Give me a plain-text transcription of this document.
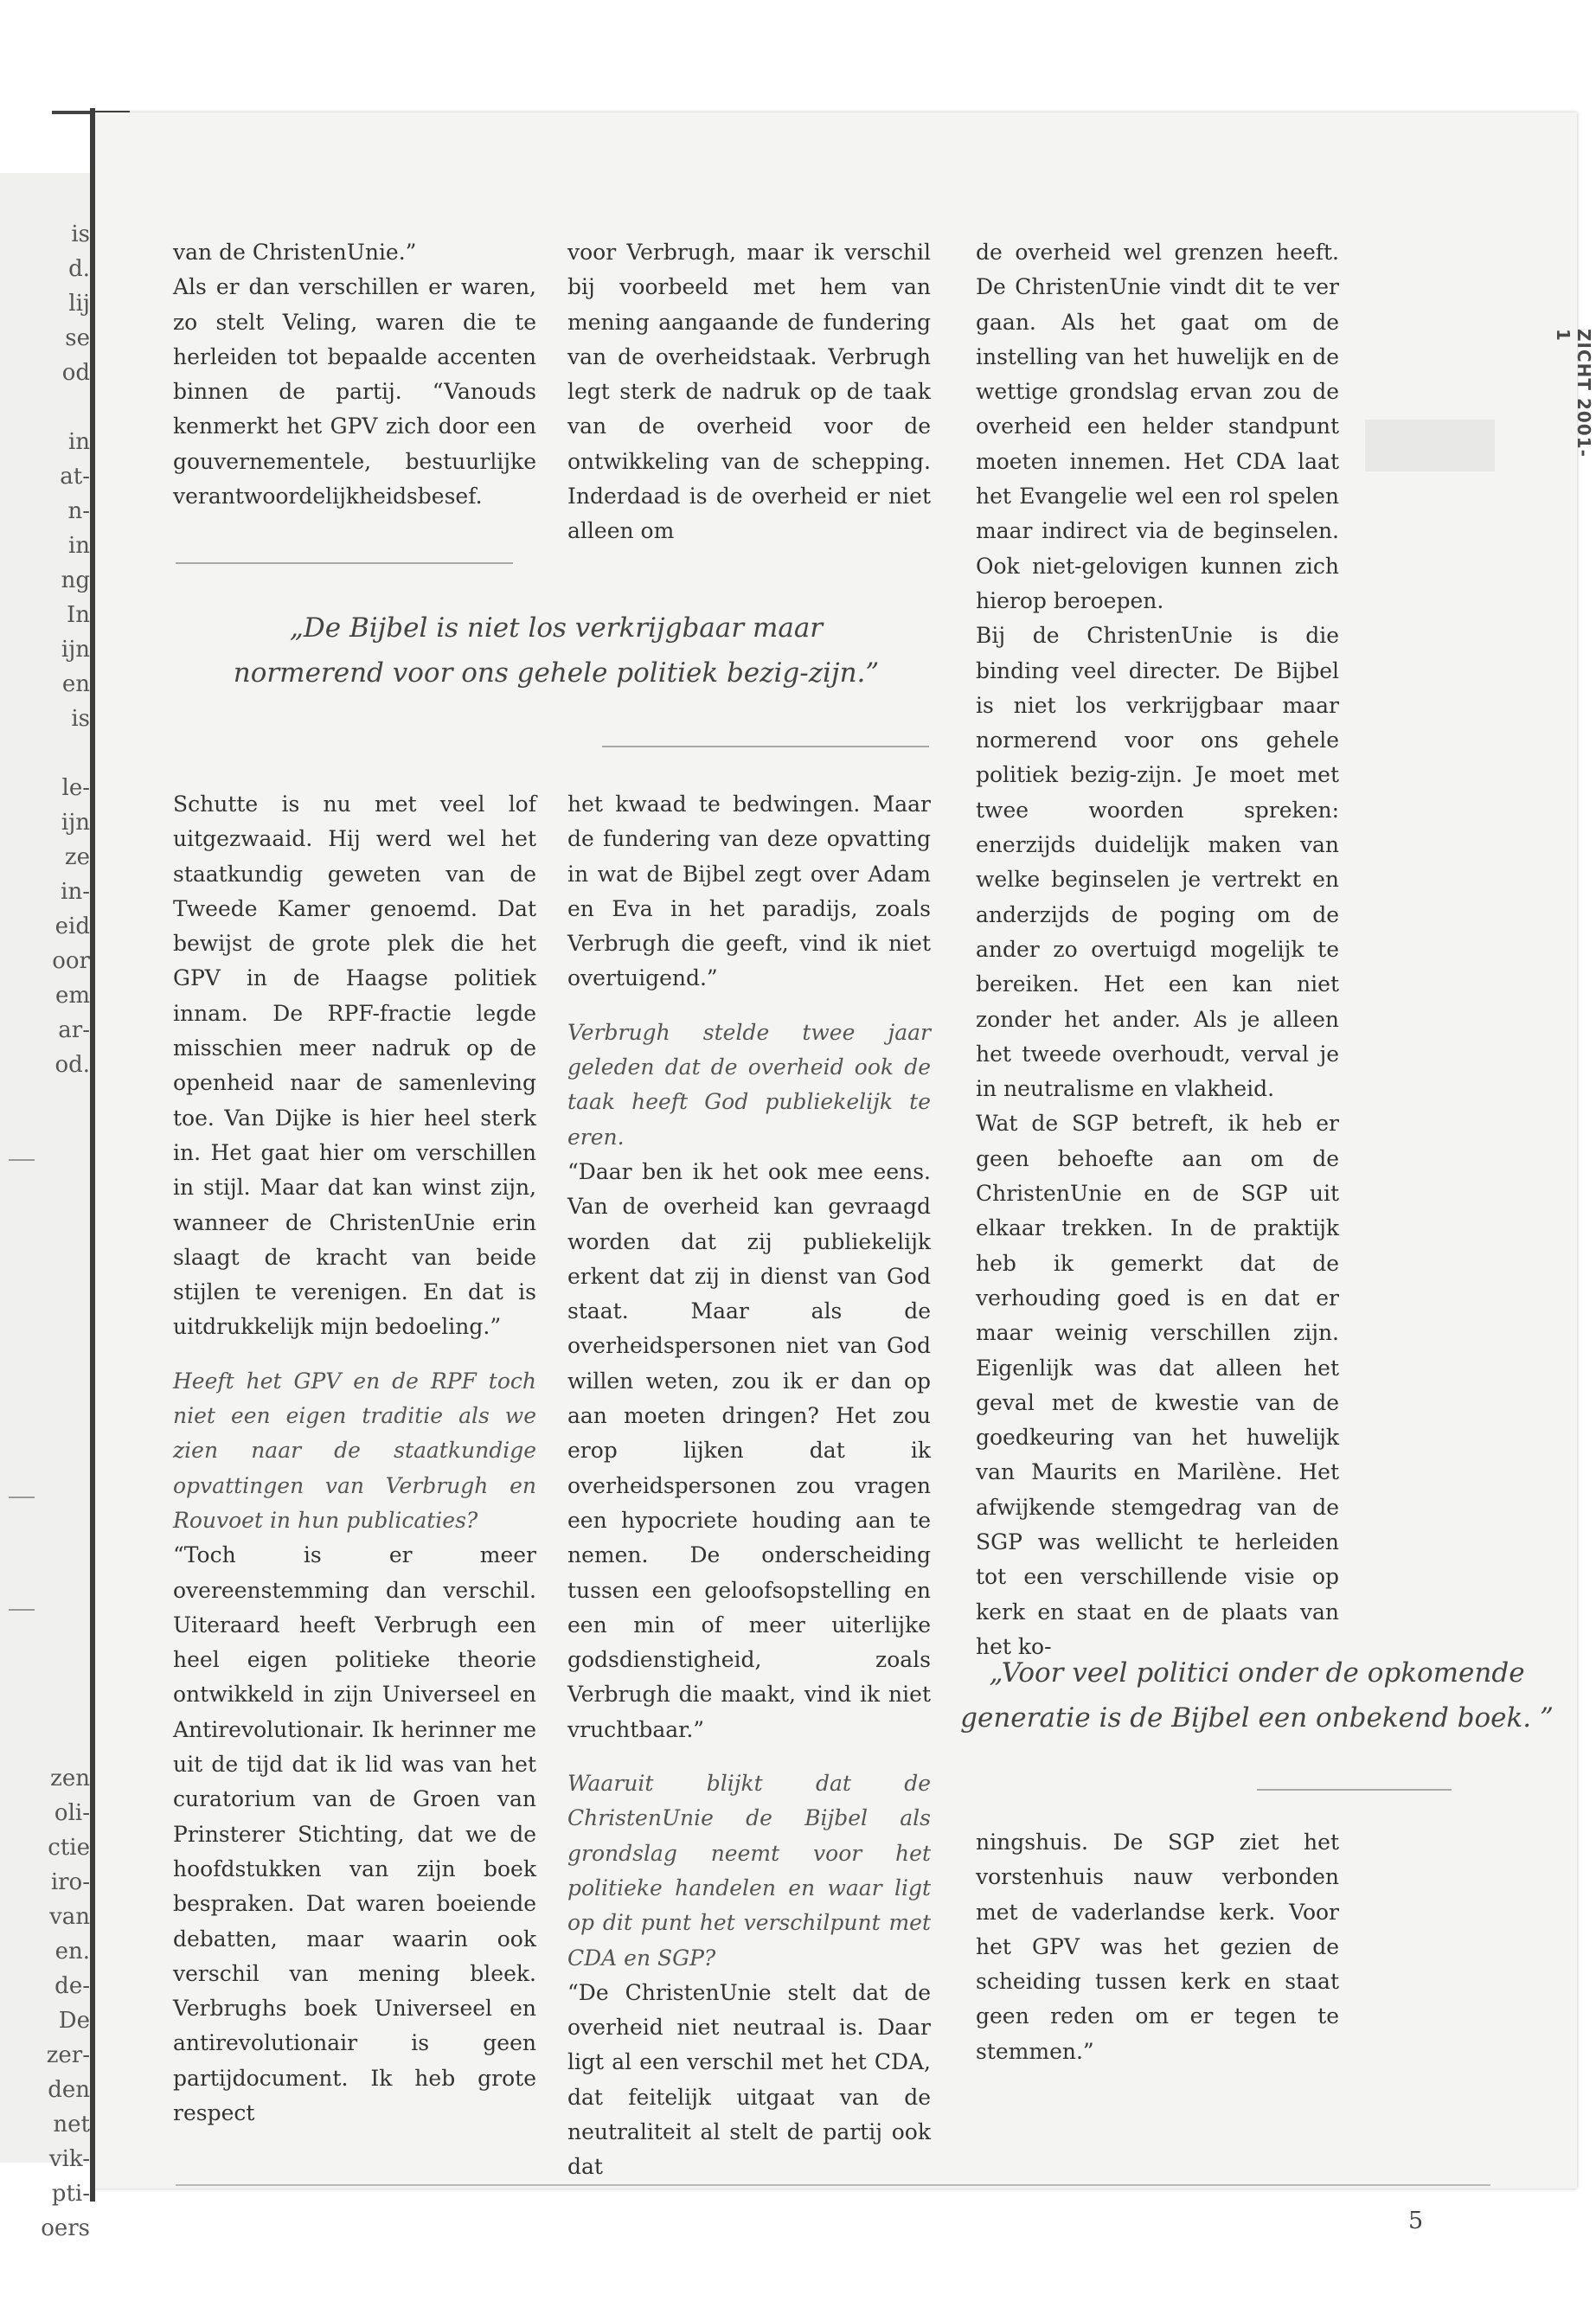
is
d.
lij
se
od
in
at-
n-
in
ng
In
ijn
en
is
le-
ijn
ze
in-
eid
oor
em
ar-
od.
zen
oli-
ctie
iro-
van
en.
de-
De
zer-
den
net
vik-
pti-
oers

van de ChristenUnie.”

Als er dan verschillen er waren, zo stelt Veling, waren die te herleiden tot bepaalde accenten binnen de partij. “Vanouds kenmerkt het GPV zich door een gouvernementele, bestuurlijke verantwoordelijkheidsbesef.

voor Verbrugh, maar ik verschil bij voorbeeld met hem van mening aangaande de fundering van de overheidstaak. Verbrugh legt sterk de nadruk op de taak van de overheid voor de ontwikkeling van de schepping. Inderdaad is de overheid er niet alleen om

„De Bijbel is niet los verkrijgbaar maar normerend voor ons gehele politiek bezig-zijn.”

Schutte is nu met veel lof uitgezwaaid. Hij werd wel het staatkundig geweten van de Tweede Kamer genoemd. Dat bewijst de grote plek die het GPV in de Haagse politiek innam. De RPF-fractie legde misschien meer nadruk op de openheid naar de samenleving toe. Van Dijke is hier heel sterk in. Het gaat hier om verschillen in stijl. Maar dat kan winst zijn, wanneer de ChristenUnie erin slaagt de kracht van beide stijlen te verenigen. En dat is uitdrukkelijk mijn bedoeling.”

Heeft het GPV en de RPF toch niet een eigen traditie als we zien naar de staatkundige opvattingen van Verbrugh en Rouvoet in hun publicaties?

“Toch is er meer overeenstemming dan verschil. Uiteraard heeft Verbrugh een heel eigen politieke theorie ontwikkeld in zijn Universeel en Antirevolutionair. Ik herinner me uit de tijd dat ik lid was van het curatorium van de Groen van Prinsterer Stichting, dat we de hoofdstukken van zijn boek bespraken. Dat waren boeiende debatten, maar waarin ook verschil van mening bleek. Verbrughs boek Universeel en antirevolutionair is geen partijdocument. Ik heb grote respect

het kwaad te bedwingen. Maar de fundering van deze opvatting in wat de Bijbel zegt over Adam en Eva in het paradijs, zoals Verbrugh die geeft, vind ik niet overtuigend.”

Verbrugh stelde twee jaar geleden dat de overheid ook de taak heeft God publiekelijk te eren.

“Daar ben ik het ook mee eens. Van de overheid kan gevraagd worden dat zij publiekelijk erkent dat zij in dienst van God staat. Maar als de overheidspersonen niet van God willen weten, zou ik er dan op aan moeten dringen? Het zou erop lijken dat ik overheidspersonen zou vragen een hypocriete houding aan te nemen. De onderscheiding tussen een geloofsopstelling en een min of meer uiterlijke godsdienstigheid, zoals Verbrugh die maakt, vind ik niet vruchtbaar.”

Waaruit blijkt dat de ChristenUnie de Bijbel als grondslag neemt voor het politieke handelen en waar ligt op dit punt het verschilpunt met CDA en SGP?

“De ChristenUnie stelt dat de overheid niet neutraal is. Daar ligt al een verschil met het CDA, dat feitelijk uitgaat van de neutraliteit al stelt de partij ook dat

de overheid wel grenzen heeft. De ChristenUnie vindt dit te ver gaan. Als het gaat om de instelling van het huwelijk en de wettige grondslag ervan zou de overheid een helder standpunt moeten innemen. Het CDA laat het Evangelie wel een rol spelen maar indirect via de beginselen. Ook niet-gelovigen kunnen zich hierop beroepen.

Bij de ChristenUnie is die binding veel directer. De Bijbel is niet los verkrijgbaar maar normerend voor ons gehele politiek bezig-zijn. Je moet met twee woorden spreken: enerzijds duidelijk maken van welke beginselen je vertrekt en anderzijds de poging om de ander zo overtuigd mogelijk te bereiken. Het een kan niet zonder het ander. Als je alleen het tweede overhoudt, verval je in neutralisme en vlakheid.

Wat de SGP betreft, ik heb er geen behoefte aan om de ChristenUnie en de SGP uit elkaar trekken. In de praktijk heb ik gemerkt dat de verhouding goed is en dat er maar weinig verschillen zijn. Eigenlijk was dat alleen het geval met de kwestie van de goedkeuring van het huwelijk van Maurits en Marilène. Het afwijkende stemgedrag van de SGP was wellicht te herleiden tot een verschillende visie op kerk en staat en de plaats van het ko-

„Voor veel politici onder de opkomende generatie is de Bijbel een onbekend boek. ”

ningshuis. De SGP ziet het vorstenhuis nauw verbonden met de vaderlandse kerk. Voor het GPV was het gezien de scheiding tussen kerk en staat geen reden om er tegen te stemmen.”

ZICHT 2001-1
5
